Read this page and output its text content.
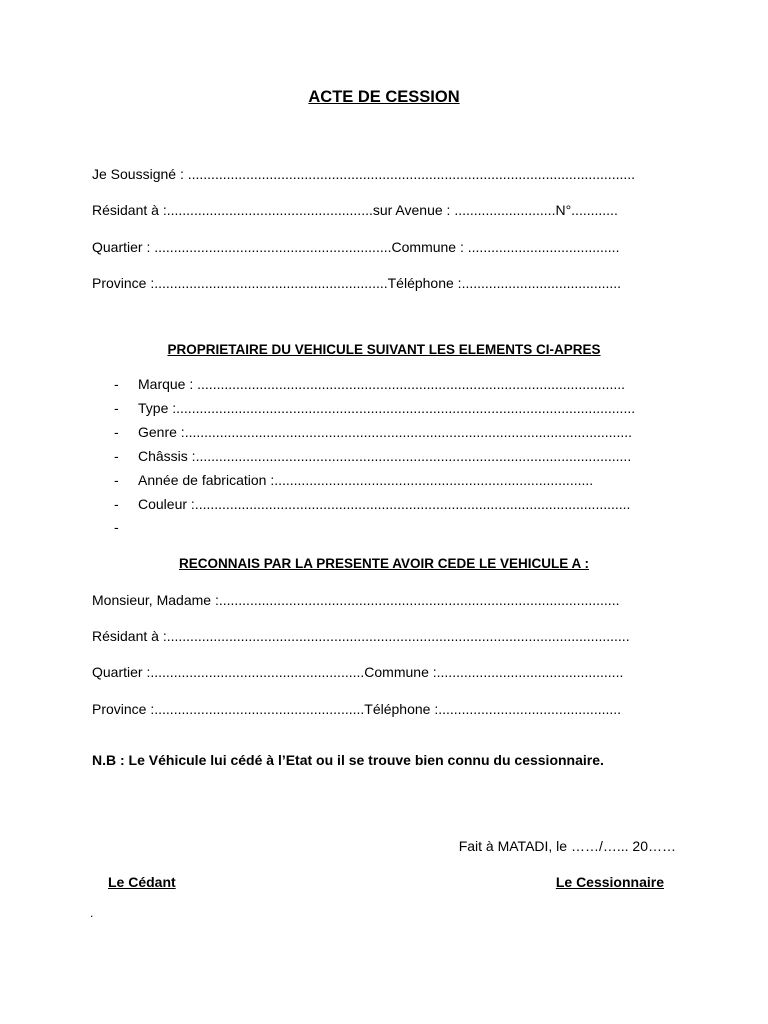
ACTE DE CESSION
Je Soussigné : ...................................................................................................................
Résidant à :.....................................................sur Avenue : ..........................N°............
Quartier : .............................................................Commune : .......................................
Province :............................................................Téléphone :.........................................
PROPRIETAIRE DU VEHICULE SUIVANT LES ELEMENTS CI-APRES
- Marque : ..............................................................................................................
- Type :......................................................................................................................
- Genre :...................................................................................................................
- Châssis :................................................................................................................
- Année de fabrication :..................................................................................
- Couleur :................................................................................................................
-
RECONNAIS PAR LA PRESENTE AVOIR CEDE LE VEHICULE A :
Monsieur, Madame :.......................................................................................................
Résidant à :.......................................................................................................................
Quartier :.......................................................Commune :................................................
Province :......................................................Téléphone :...............................................
N.B : Le Véhicule lui cédé à l’Etat ou il se trouve bien connu du cessionnaire.
Fait à MATADI, le ……/…... 20……
Le Cédant	Le Cessionnaire
.
